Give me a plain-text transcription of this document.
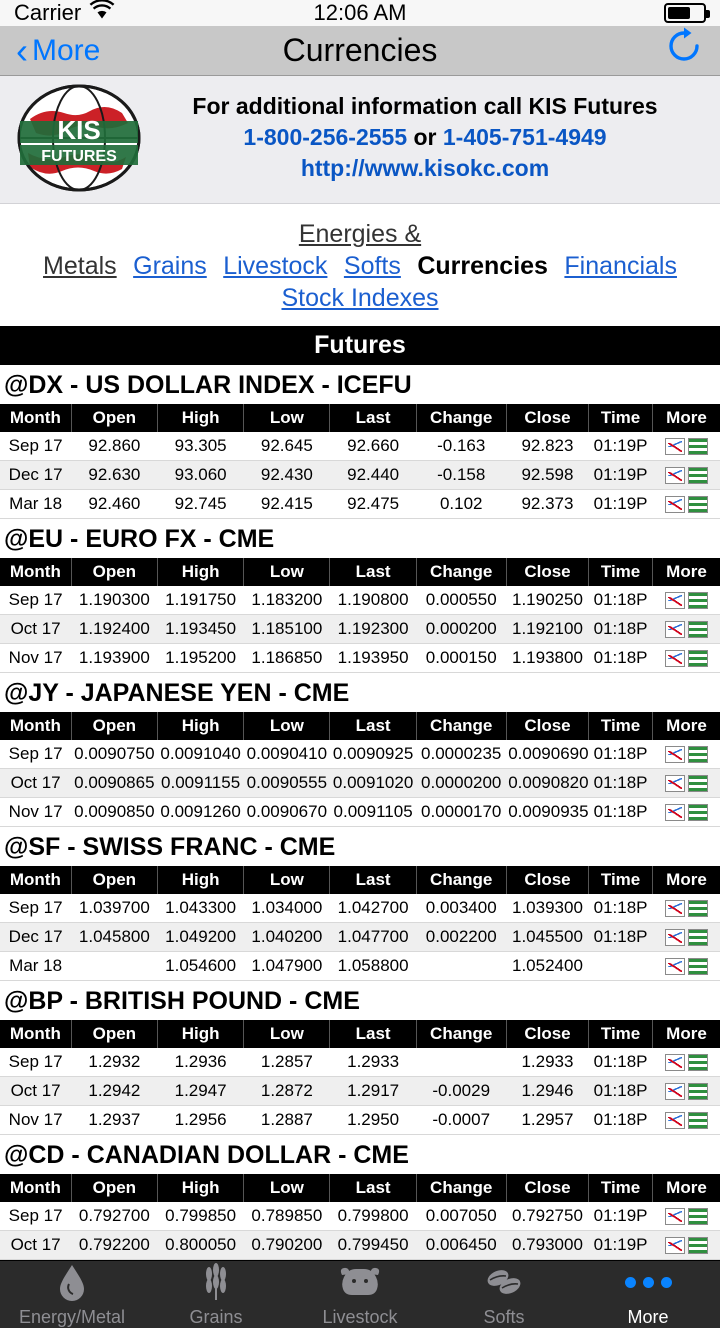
Carrier	12:06 AM
‹ More	Currencies
KIS
FUTURES
For additional information call KIS Futures
1-800-256-2555 or 1-405-751-4949
http://www.kisokc.com
Energies &
Metals Grains Livestock Softs Currencies Financials
Stock Indexes
Futures
@DX - US DOLLAR INDEX - ICEFU
Month	Open	High	Low	Last	Change	Close	Time	More
Sep 17	92.860	93.305	92.645	92.660	-0.163	92.823	01:19P	

Dec 17	92.630	93.060	92.430	92.440	-0.158	92.598	01:19P	

Mar 18	92.460	92.745	92.415	92.475	0.102	92.373	01:19P	
@EU - EURO FX - CME
Month	Open	High	Low	Last	Change	Close	Time	More
Sep 17	1.190300	1.191750	1.183200	1.190800	0.000550	1.190250	01:18P	

Oct 17	1.192400	1.193450	1.185100	1.192300	0.000200	1.192100	01:18P	

Nov 17	1.193900	1.195200	1.186850	1.193950	0.000150	1.193800	01:18P	
@JY - JAPANESE YEN - CME
Month	Open	High	Low	Last	Change	Close	Time	More
Sep 17	0.0090750	0.0091040	0.0090410	0.0090925	0.0000235	0.0090690	01:18P	

Oct 17	0.0090865	0.0091155	0.0090555	0.0091020	0.0000200	0.0090820	01:18P	

Nov 17	0.0090850	0.0091260	0.0090670	0.0091105	0.0000170	0.0090935	01:18P	
@SF - SWISS FRANC - CME
Month	Open	High	Low	Last	Change	Close	Time	More
Sep 17	1.039700	1.043300	1.034000	1.042700	0.003400	1.039300	01:18P	

Dec 17	1.045800	1.049200	1.040200	1.047700	0.002200	1.045500	01:18P	

Mar 18		1.054600	1.047900	1.058800		1.052400		
@BP - BRITISH POUND - CME
Month	Open	High	Low	Last	Change	Close	Time	More
Sep 17	1.2932	1.2936	1.2857	1.2933		1.2933	01:18P	

Oct 17	1.2942	1.2947	1.2872	1.2917	-0.0029	1.2946	01:18P	

Nov 17	1.2937	1.2956	1.2887	1.2950	-0.0007	1.2957	01:18P	
@CD - CANADIAN DOLLAR - CME
Month	Open	High	Low	Last	Change	Close	Time	More
Sep 17	0.792700	0.799850	0.789850	0.799800	0.007050	0.792750	01:19P	

Oct 17	0.792200	0.800050	0.790200	0.799450	0.006450	0.793000	01:19P	
Energy/Metal	Grains	Livestock	Softs	More
